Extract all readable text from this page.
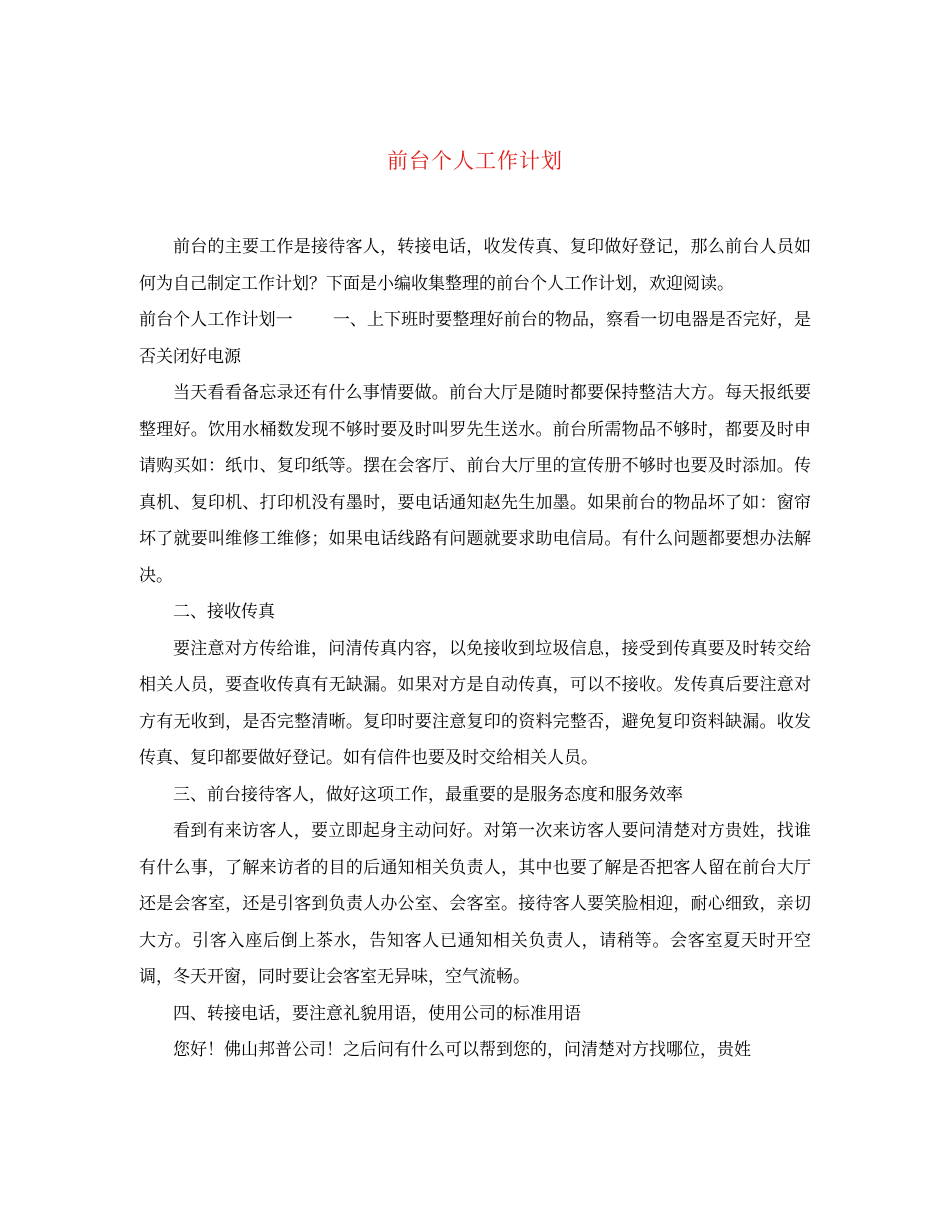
前台个人工作计划

前台的主要工作是接待客人，转接电话，收发传真、复印做好登记，那么前台人员如何为自己制定工作计划？下面是小编收集整理的前台个人工作计划，欢迎阅读。

前台个人工作计划一 一、上下班时要整理好前台的物品，察看一切电器是否完好，是否关闭好电源

当天看看备忘录还有什么事情要做。前台大厅是随时都要保持整洁大方。每天报纸要整理好。饮用水桶数发现不够时要及时叫罗先生送水。前台所需物品不够时，都要及时申请购买如：纸巾、复印纸等。摆在会客厅、前台大厅里的宣传册不够时也要及时添加。传真机、复印机、打印机没有墨时，要电话通知赵先生加墨。如果前台的物品坏了如：窗帘坏了就要叫维修工维修；如果电话线路有问题就要求助电信局。有什么问题都要想办法解决。

二、接收传真

要注意对方传给谁，问清传真内容，以免接收到垃圾信息，接受到传真要及时转交给相关人员，要查收传真有无缺漏。如果对方是自动传真，可以不接收。发传真后要注意对方有无收到，是否完整清晰。复印时要注意复印的资料完整否，避免复印资料缺漏。收发传真、复印都要做好登记。如有信件也要及时交给相关人员。

三、前台接待客人，做好这项工作，最重要的是服务态度和服务效率

看到有来访客人，要立即起身主动问好。对第一次来访客人要问清楚对方贵姓，找谁有什么事，了解来访者的目的后通知相关负责人，其中也要了解是否把客人留在前台大厅还是会客室，还是引客到负责人办公室、会客室。接待客人要笑脸相迎，耐心细致，亲切大方。引客入座后倒上茶水，告知客人已通知相关负责人，请稍等。会客室夏天时开空调，冬天开窗，同时要让会客室无异味，空气流畅。

四、转接电话，要注意礼貌用语，使用公司的标准用语

您好！佛山邦普公司！之后问有什么可以帮到您的，问清楚对方找哪位，贵姓
